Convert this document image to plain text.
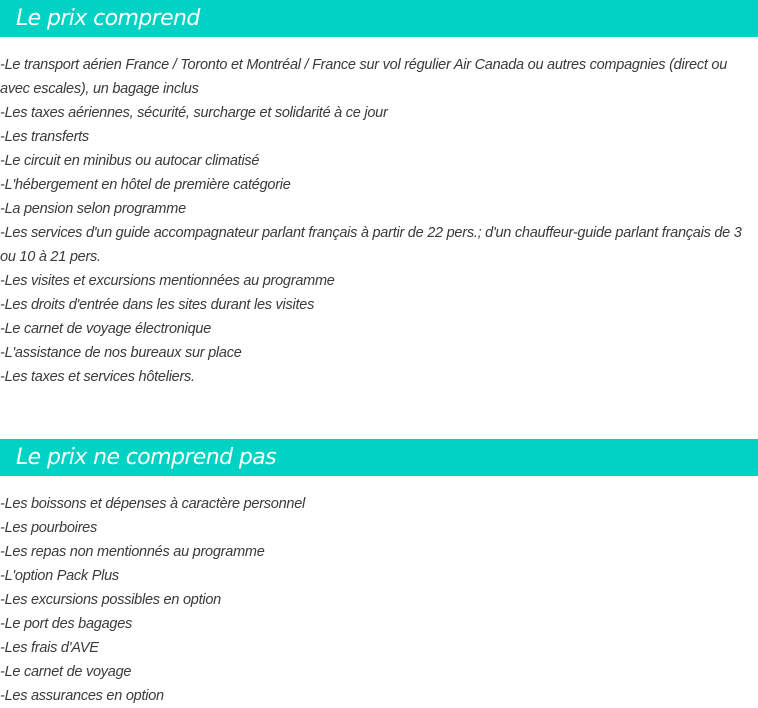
Le prix comprend
-Le transport aérien France / Toronto et Montréal / France sur vol régulier Air Canada ou autres compagnies (direct ou avec escales), un bagage inclus
-Les taxes aériennes, sécurité, surcharge et solidarité à ce jour
-Les transferts
-Le circuit en minibus ou autocar climatisé
-L'hébergement en hôtel de première catégorie
-La pension selon programme
-Les services d'un guide accompagnateur parlant français à partir de 22 pers.; d'un chauffeur-guide parlant français de 3 ou 10 à 21 pers.
-Les visites et excursions mentionnées au programme
-Les droits d'entrée dans les sites durant les visites
-Le carnet de voyage électronique
-L'assistance de nos bureaux sur place
-Les taxes et services hôteliers.
Le prix ne comprend pas
-Les boissons et dépenses à caractère personnel
-Les pourboires
-Les repas non mentionnés au programme
-L'option Pack Plus
-Les excursions possibles en option
-Le port des bagages
-Les frais d'AVE
-Le carnet de voyage
-Les assurances en option
